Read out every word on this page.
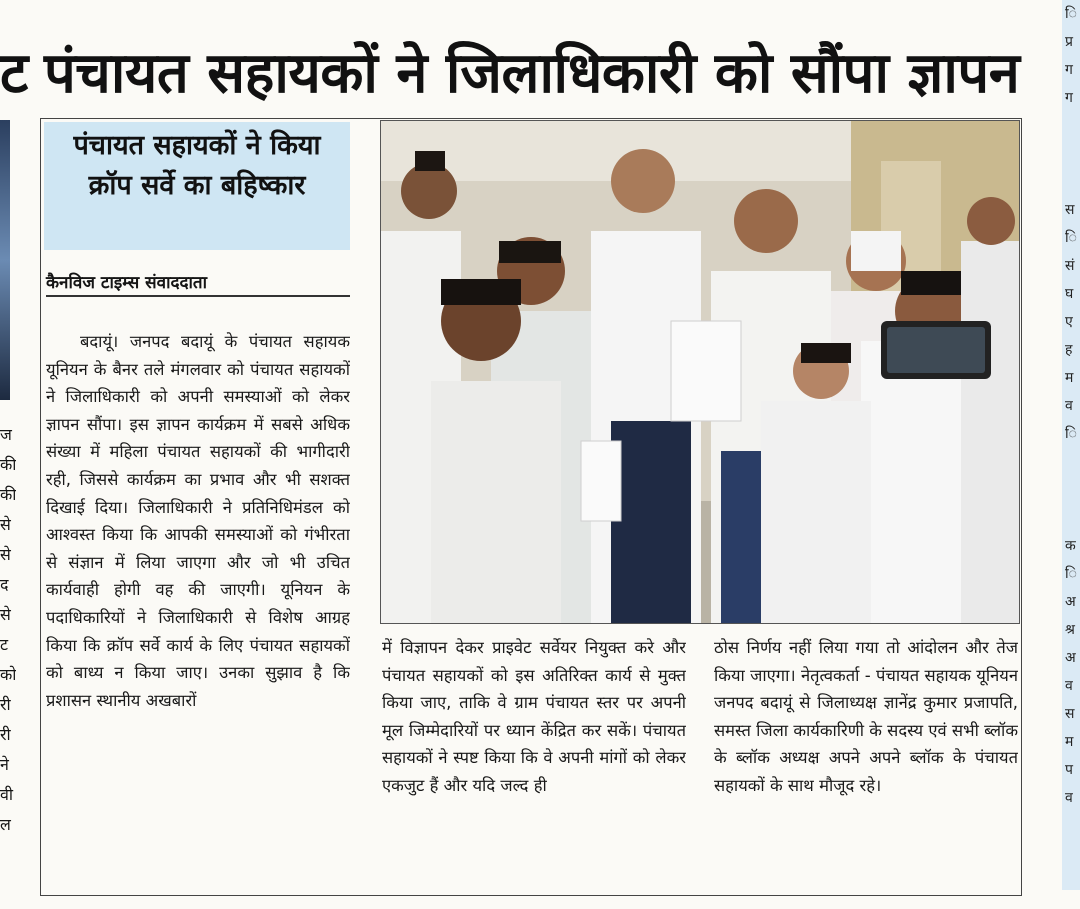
ट पंचायत सहायकों ने जिलाधिकारी को सौंपा ज्ञापन
ज
की
की
से
से
द
से
ट
को
री
री
ने
वी
ल
पंचायत सहायकों ने किया क्रॉप सर्वे का बहिष्कार
कैनविज टाइम्स संवाददाता
बदायूं। जनपद बदायूं के पंचायत सहायक यूनियन के बैनर तले मंगलवार को पंचायत सहायकों ने जिलाधिकारी को अपनी समस्याओं को लेकर ज्ञापन सौंपा। इस ज्ञापन कार्यक्रम में सबसे अधिक संख्या में महिला पंचायत सहायकों की भागीदारी रही, जिससे कार्यक्रम का प्रभाव और भी सशक्त दिखाई दिया। जिलाधिकारी ने प्रतिनिधिमंडल को आश्वस्त किया कि आपकी समस्याओं को गंभीरता से संज्ञान में लिया जाएगा और जो भी उचित कार्यवाही होगी वह की जाएगी। यूनियन के पदाधिकारियों ने जिलाधिकारी से विशेष आग्रह किया कि क्रॉप सर्वे कार्य के लिए पंचायत सहायकों को बाध्य न किया जाए। उनका सुझाव है कि प्रशासन स्थानीय अखबारों
में विज्ञापन देकर प्राइवेट सर्वेयर नियुक्त करे और पंचायत सहायकों को इस अतिरिक्त कार्य से मुक्त किया जाए, ताकि वे ग्राम पंचायत स्तर पर अपनी मूल जिम्मेदारियों पर ध्यान केंद्रित कर सकें। पंचायत सहायकों ने स्पष्ट किया कि वे अपनी मांगों को लेकर एकजुट हैं और यदि जल्द ही
ठोस निर्णय नहीं लिया गया तो आंदोलन और तेज किया जाएगा। नेतृत्वकर्ता - पंचायत सहायक यूनियन जनपद बदायूं से जिलाध्यक्ष ज्ञानेंद्र कुमार प्रजापति, समस्त जिला कार्यकारिणी के सदस्य एवं सभी ब्लॉक के ब्लॉक अध्यक्ष अपने अपने ब्लॉक के पंचायत सहायकों के साथ मौजूद रहे।
ि
प्र
ग
ग

स
ि
सं
घ
ए
ह
म
व
ि

क
ि
अ
श्र
अ
व
स
म
प
व
